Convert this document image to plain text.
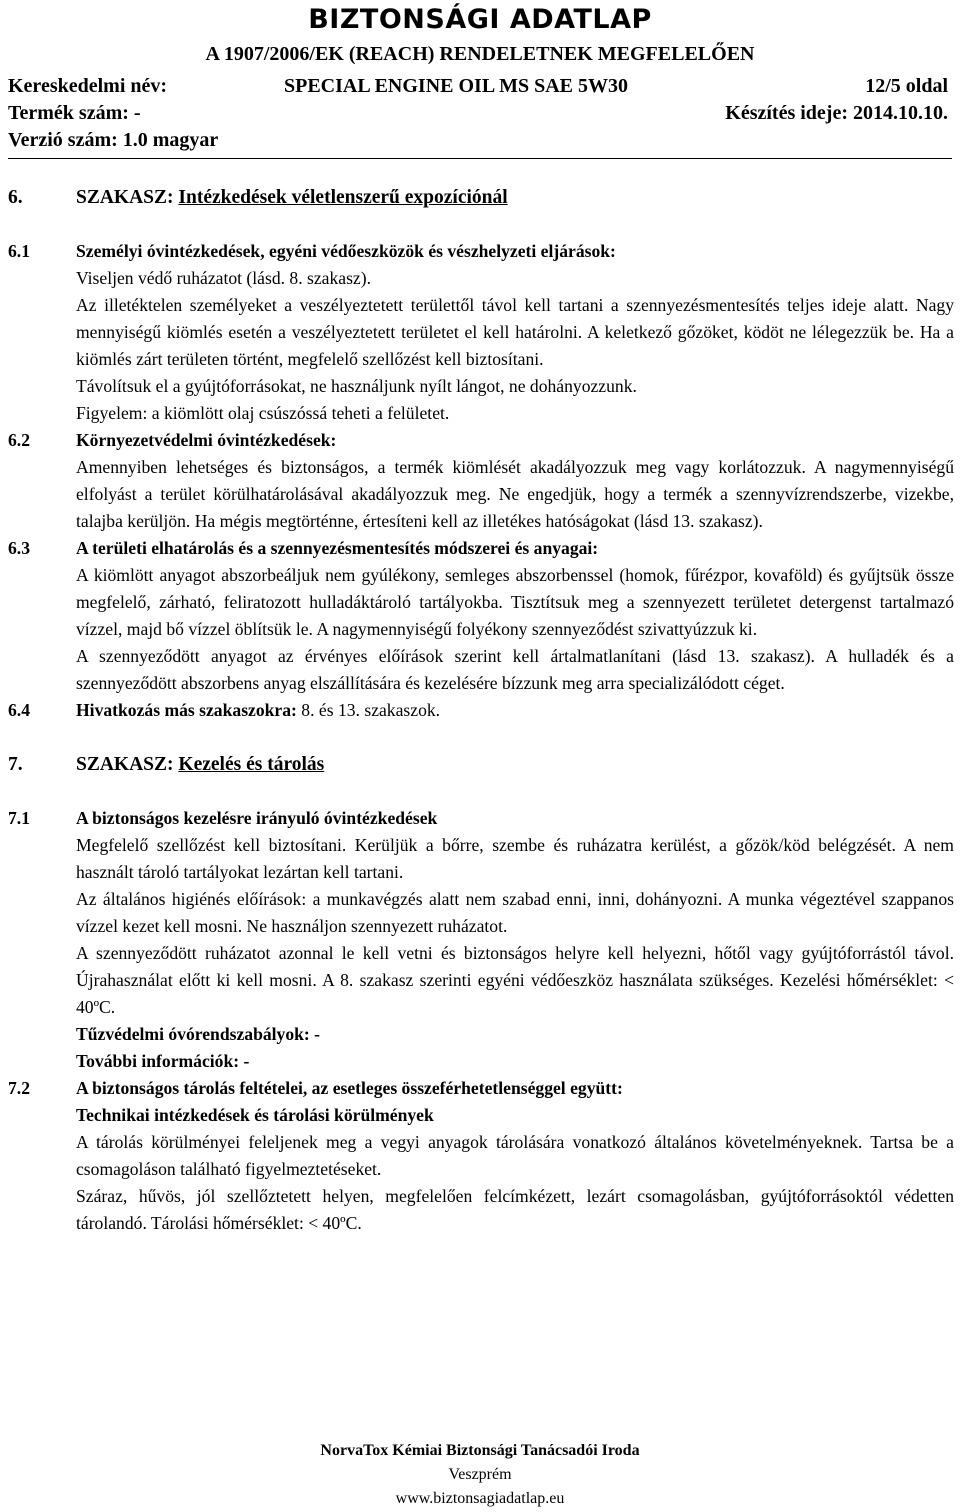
BIZTONSÁGI ADATLAP
A 1907/2006/EK (REACH) RENDELETNEK MEGFELELŐEN
Kereskedelmi név:	SPECIAL ENGINE OIL MS SAE 5W30	12/5 oldal
Termék szám: -	Készítés ideje: 2014.10.10.
Verzió szám: 1.0 magyar

6.	SZAKASZ: Intézkedések véletlenszerű expozíciónál

6.1	Személyi óvintézkedések, egyéni védőeszközök és vészhelyzeti eljárások:
Viseljen védő ruházatot (lásd. 8. szakasz).
Az illetéktelen személyeket a veszélyeztetett területtől távol kell tartani a szennyezésmentesítés teljes ideje alatt. Nagy mennyiségű kiömlés esetén a veszélyeztetett területet el kell határolni. A keletkező gőzöket, ködöt ne lélegezzük be. Ha a kiömlés zárt területen történt, megfelelő szellőzést kell biztosítani.
Távolítsuk el a gyújtóforrásokat, ne használjunk nyílt lángot, ne dohányozzunk.
Figyelem: a kiömlött olaj csúszóssá teheti a felületet.
6.2	Környezetvédelmi óvintézkedések:
Amennyiben lehetséges és biztonságos, a termék kiömlését akadályozzuk meg vagy korlátozzuk. A nagymennyiségű elfolyást a terület körülhatárolásával akadályozzuk meg. Ne engedjük, hogy a termék a szennyvízrendszerbe, vizekbe, talajba kerüljön. Ha mégis megtörténne, értesíteni kell az illetékes hatóságokat (lásd 13. szakasz).
6.3	A területi elhatárolás és a szennyezésmentesítés módszerei és anyagai:
A kiömlött anyagot abszorbeáljuk nem gyúlékony, semleges abszorbenssel (homok, fűrézpor, kovaföld) és gyűjtsük össze megfelelő, zárható, feliratozott hulladáktároló tartályokba. Tisztítsuk meg a szennyezett területet detergenst tartalmazó vízzel, majd bő vízzel öblítsük le. A nagymennyiségű folyékony szennyeződést szivattyúzzuk ki.
A szennyeződött anyagot az érvényes előírások szerint kell ártalmatlanítani (lásd 13. szakasz). A hulladék és a szennyeződött abszorbens anyag elszállítására és kezelésére bízzunk meg arra specializálódott céget.
6.4	Hivatkozás más szakaszokra: 8. és 13. szakaszok.

7.	SZAKASZ: Kezelés és tárolás

7.1	A biztonságos kezelésre irányuló óvintézkedések
Megfelelő szellőzést kell biztosítani. Kerüljük a bőrre, szembe és ruházatra kerülést, a gőzök/köd belégzését. A nem használt tároló tartályokat lezártan kell tartani.
Az általános higiénés előírások: a munkavégzés alatt nem szabad enni, inni, dohányozni. A munka végeztével szappanos vízzel kezet kell mosni. Ne használjon szennyezett ruházatot.
A szennyeződött ruházatot azonnal le kell vetni és biztonságos helyre kell helyezni, hőtől vagy gyújtóforrástól távol. Újrahasználat előtt ki kell mosni. A 8. szakasz szerinti egyéni védőeszköz használata szükséges. Kezelési hőmérséklet: < 40ºC.
Tűzvédelmi óvórendszabályok: -
További információk: -
7.2	A biztonságos tárolás feltételei, az esetleges összeférhetetlenséggel együtt:
Technikai intézkedések és tárolási körülmények
A tárolás körülményei feleljenek meg a vegyi anyagok tárolására vonatkozó általános követelményeknek. Tartsa be a csomagoláson található figyelmeztetéseket.
Száraz, hűvös, jól szellőztetett helyen, megfelelően felcímkézett, lezárt csomagolásban, gyújtóforrásoktól védetten tárolandó. Tárolási hőmérséklet: < 40ºC.
NorvaTox Kémiai Biztonsági Tanácsadói Iroda
Veszprém
www.biztonsagiadatlap.eu
